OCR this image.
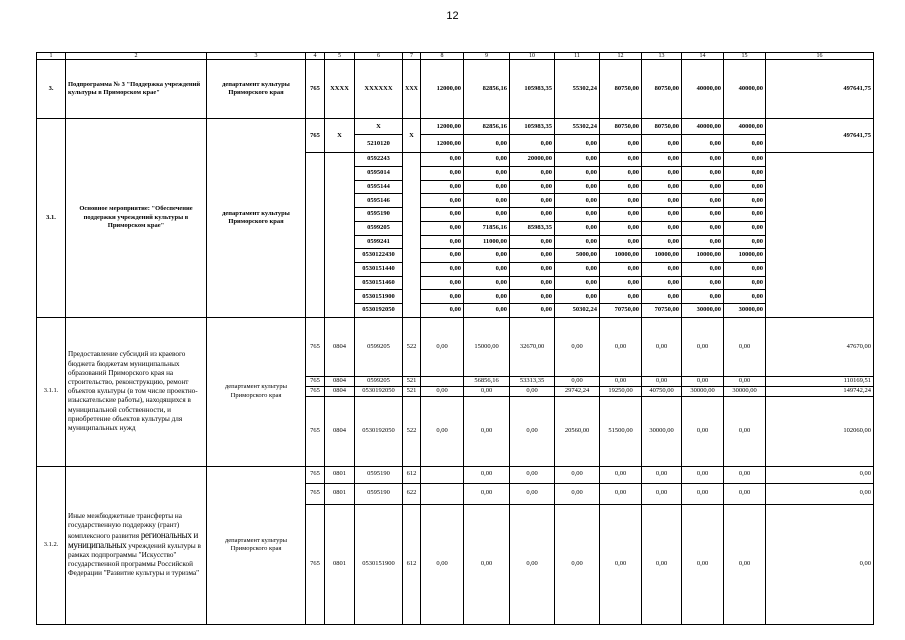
12
1	2	3	4	5	6	7	8	9	10	11	12	13	14	15	16
3.	Подпрограмма № 3 "Поддержка учреждений культуры в Приморском крае"	департамент культуры Приморского края	765	XXXX	XXXXXX	XXX	12000,00	82856,16	105983,35	55302,24	80750,00	80750,00	40000,00	40000,00	497641,75
3.1.	Основное мероприятие: "Обеспечение поддержки учреждений культуры в Приморском крае"	департамент культуры Приморского края	765	X	X	X	12000,00	82856,16	105983,35	55302,24	80750,00	80750,00	40000,00	40000,00	497641,75
					5210120		12000,00	0,00	0,00	0,00	0,00	0,00	0,00	0,00	
					0592243		0,00	0,00	20000,00	0,00	0,00	0,00	0,00	0,00	
					0595014		0,00	0,00	0,00	0,00	0,00	0,00	0,00	0,00	
					0595144		0,00	0,00	0,00	0,00	0,00	0,00	0,00	0,00	
					0595146		0,00	0,00	0,00	0,00	0,00	0,00	0,00	0,00	
					0595190		0,00	0,00	0,00	0,00	0,00	0,00	0,00	0,00	
					0599205		0,00	71856,16	85983,35	0,00	0,00	0,00	0,00	0,00	
					0599241		0,00	11000,00	0,00	0,00	0,00	0,00	0,00	0,00	
					0530122430		0,00	0,00	0,00	5000,00	10000,00	10000,00	10000,00	10000,00	
					0530151440		0,00	0,00	0,00	0,00	0,00	0,00	0,00	0,00	
					0530151460		0,00	0,00	0,00	0,00	0,00	0,00	0,00	0,00	
					0530151900		0,00	0,00	0,00	0,00	0,00	0,00	0,00	0,00	
					0530192050		0,00	0,00	0,00	50302,24	70750,00	70750,00	30000,00	30000,00	
3.1.1.	Предоставление субсидий из краевого бюджета бюджетам муниципальных образований Приморского края на строительство, реконструкцию, ремонт объектов культуры (в том числе проектно-изыскательские работы), находящихся в муниципальной собственности, и приобретение объектов культуры для муниципальных нужд	департамент культуры Приморского края	765	0804	0599205	522	0,00	15000,00	32670,00	0,00	0,00	0,00	0,00	0,00	47670,00
			765	0804	0599205	521		56856,16	53313,35	0,00	0,00	0,00	0,00	0,00	110169,51
			765	0804	0530192050	521	0,00	0,00	0,00	29742,24	19250,00	40750,00	30000,00	30000,00	149742,24
			765	0804	0530192050	522	0,00	0,00	0,00	20560,00	51500,00	30000,00	0,00	0,00	102060,00
3.1.2.	Иные межбюджетные трансферты на государственную поддержку (грант) комплексного развития региональных и муниципальных учреждений культуры в рамках подпрограммы "Искусство" государственной программы Российской Федерации "Развитие культуры и туризма"	департамент культуры Приморского края	765	0801	0595190	612		0,00	0,00	0,00	0,00	0,00	0,00	0,00	0,00
			765	0801	0595190	622		0,00	0,00	0,00	0,00	0,00	0,00	0,00	0,00
			765	0801	0530151900	612	0,00	0,00	0,00	0,00	0,00	0,00	0,00	0,00	0,00
